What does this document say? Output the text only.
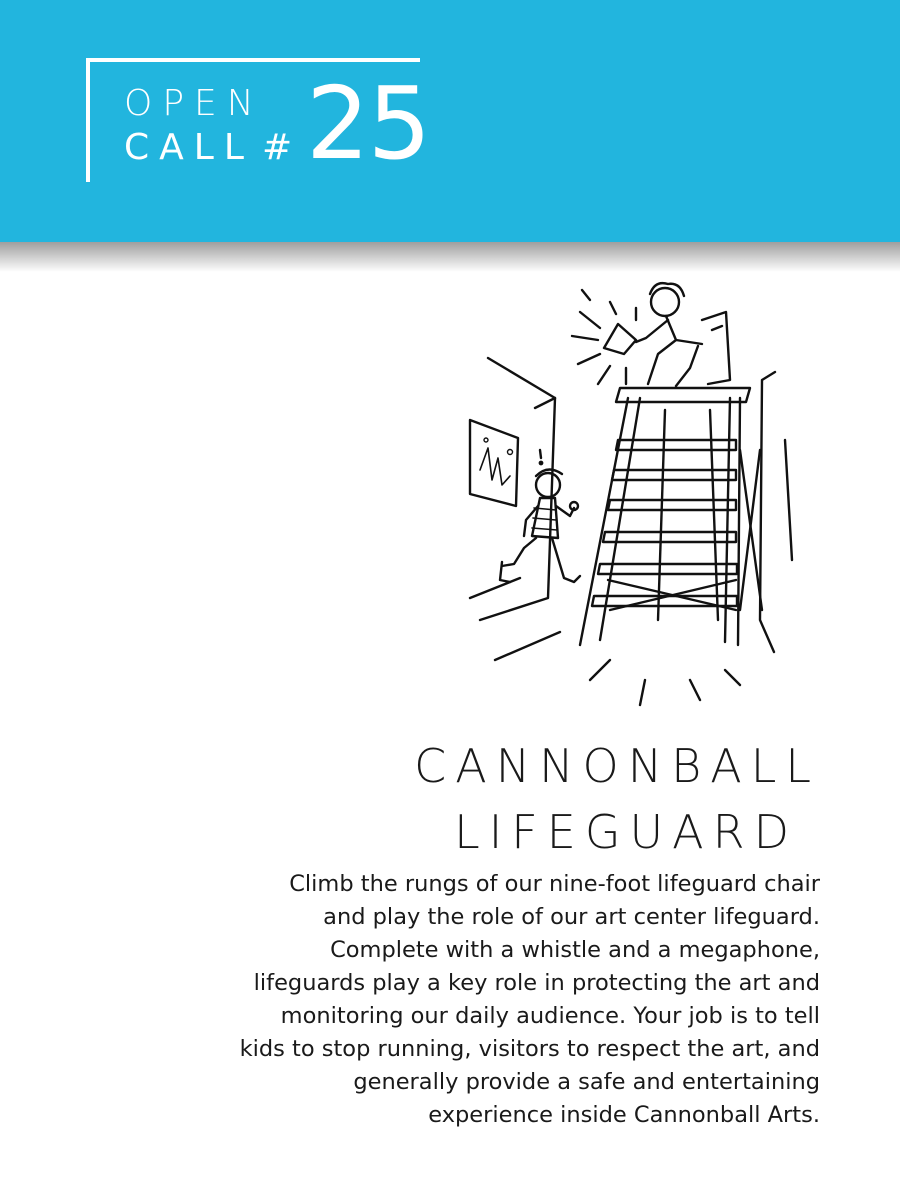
OPEN
CALL # 25
CANNONBALL
LIFEGUARD
Climb the rungs of our nine-foot lifeguard chair
and play the role of our art center lifeguard.
Complete with a whistle and a megaphone,
lifeguards play a key role in protecting the art and
monitoring our daily audience. Your job is to tell
kids to stop running, visitors to respect the art, and
generally provide a safe and entertaining
experience inside Cannonball Arts.
